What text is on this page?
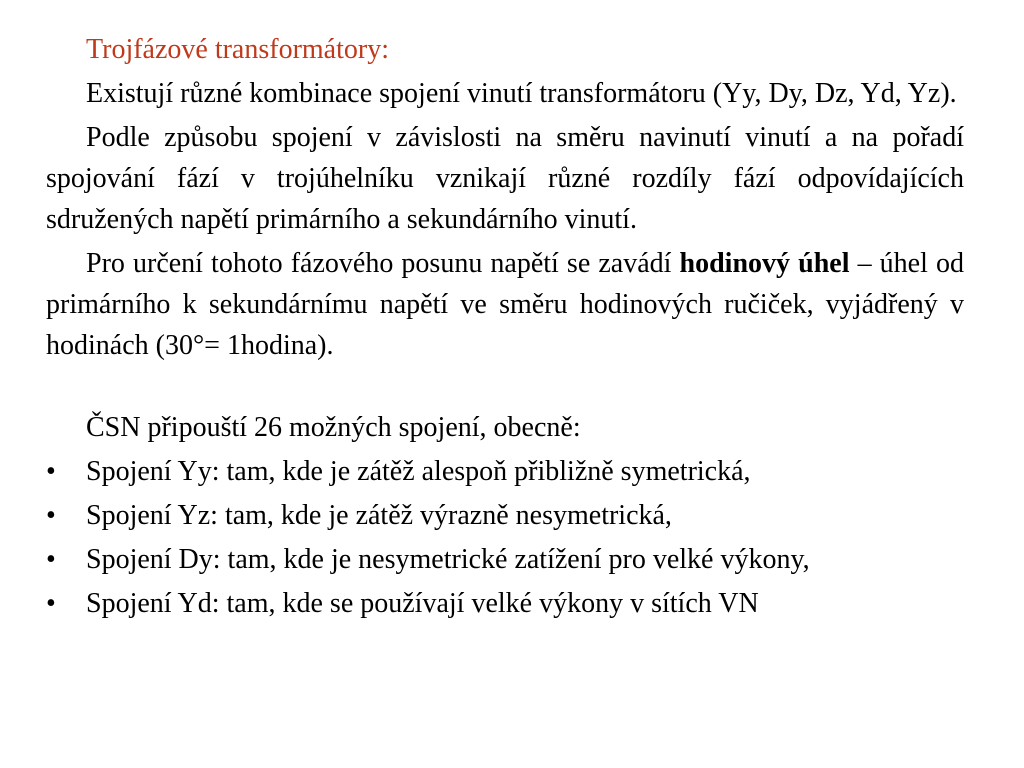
Trojfázové transformátory:

Existují různé kombinace spojení vinutí transformátoru (Yy, Dy, Dz, Yd, Yz).

Podle způsobu spojení v závislosti na směru navinutí vinutí a na pořadí spojování fází v trojúhelníku vznikají různé rozdíly fází odpovídajících sdružených napětí primárního a sekundárního vinutí.

Pro určení tohoto fázového posunu napětí se zavádí hodinový úhel – úhel od primárního k sekundárnímu napětí ve směru hodinových ručiček, vyjádřený v hodinách (30°= 1hodina).

ČSN připouští 26 možných spojení, obecně:

• Spojení Yy: tam, kde je zátěž alespoň přibližně symetrická,
• Spojení Yz: tam, kde je zátěž výrazně nesymetrická,
• Spojení Dy: tam, kde je nesymetrické zatížení pro velké výkony,
• Spojení Yd: tam, kde se používají velké výkony v sítích VN
